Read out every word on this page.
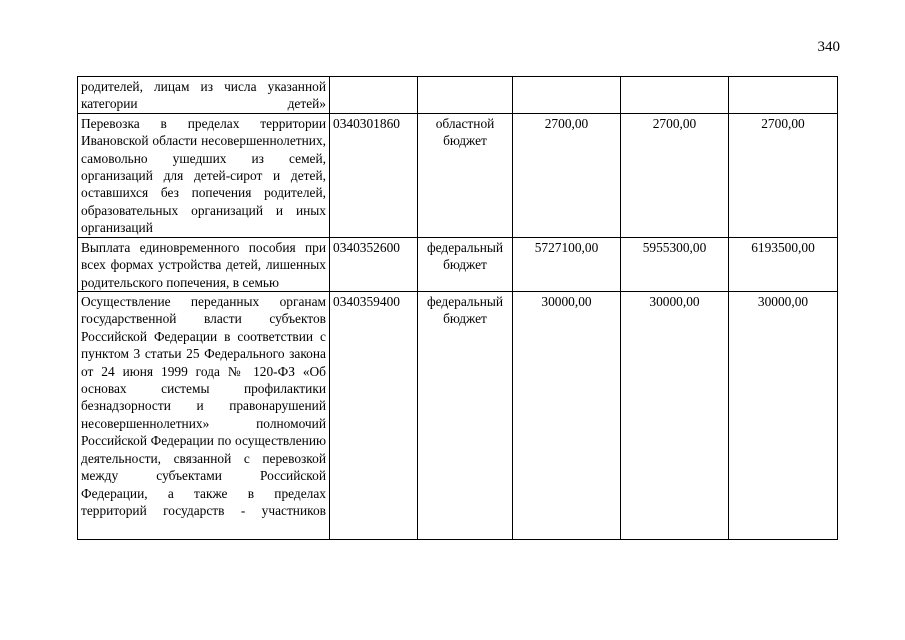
340
родителей, лицам из числа указанной категории детей»					
Перевозка в пределах территории Ивановской области несовершеннолетних, самовольно ушедших из семей, организаций для детей-сирот и детей, оставшихся без попечения родителей, образовательных организаций и иных организаций	0340301860	областной бюджет	2700,00	2700,00	2700,00
Выплата единовременного пособия при всех формах устройства детей, лишенных родительского попечения, в семью	0340352600	федеральный бюджет	5727100,00	5955300,00	6193500,00
Осуществление переданных органам государственной власти субъектов Российской Федерации в соответствии с пунктом 3 статьи 25 Федерального закона от 24 июня 1999 года № 120-ФЗ «Об основах системы профилактики безнадзорности и правонарушений несовершеннолетних» полномочий Российской Федерации по осуществлению деятельности, связанной с перевозкой между субъектами Российской Федерации, а также в пределах территорий государств - участников	0340359400	федеральный бюджет	30000,00	30000,00	30000,00
